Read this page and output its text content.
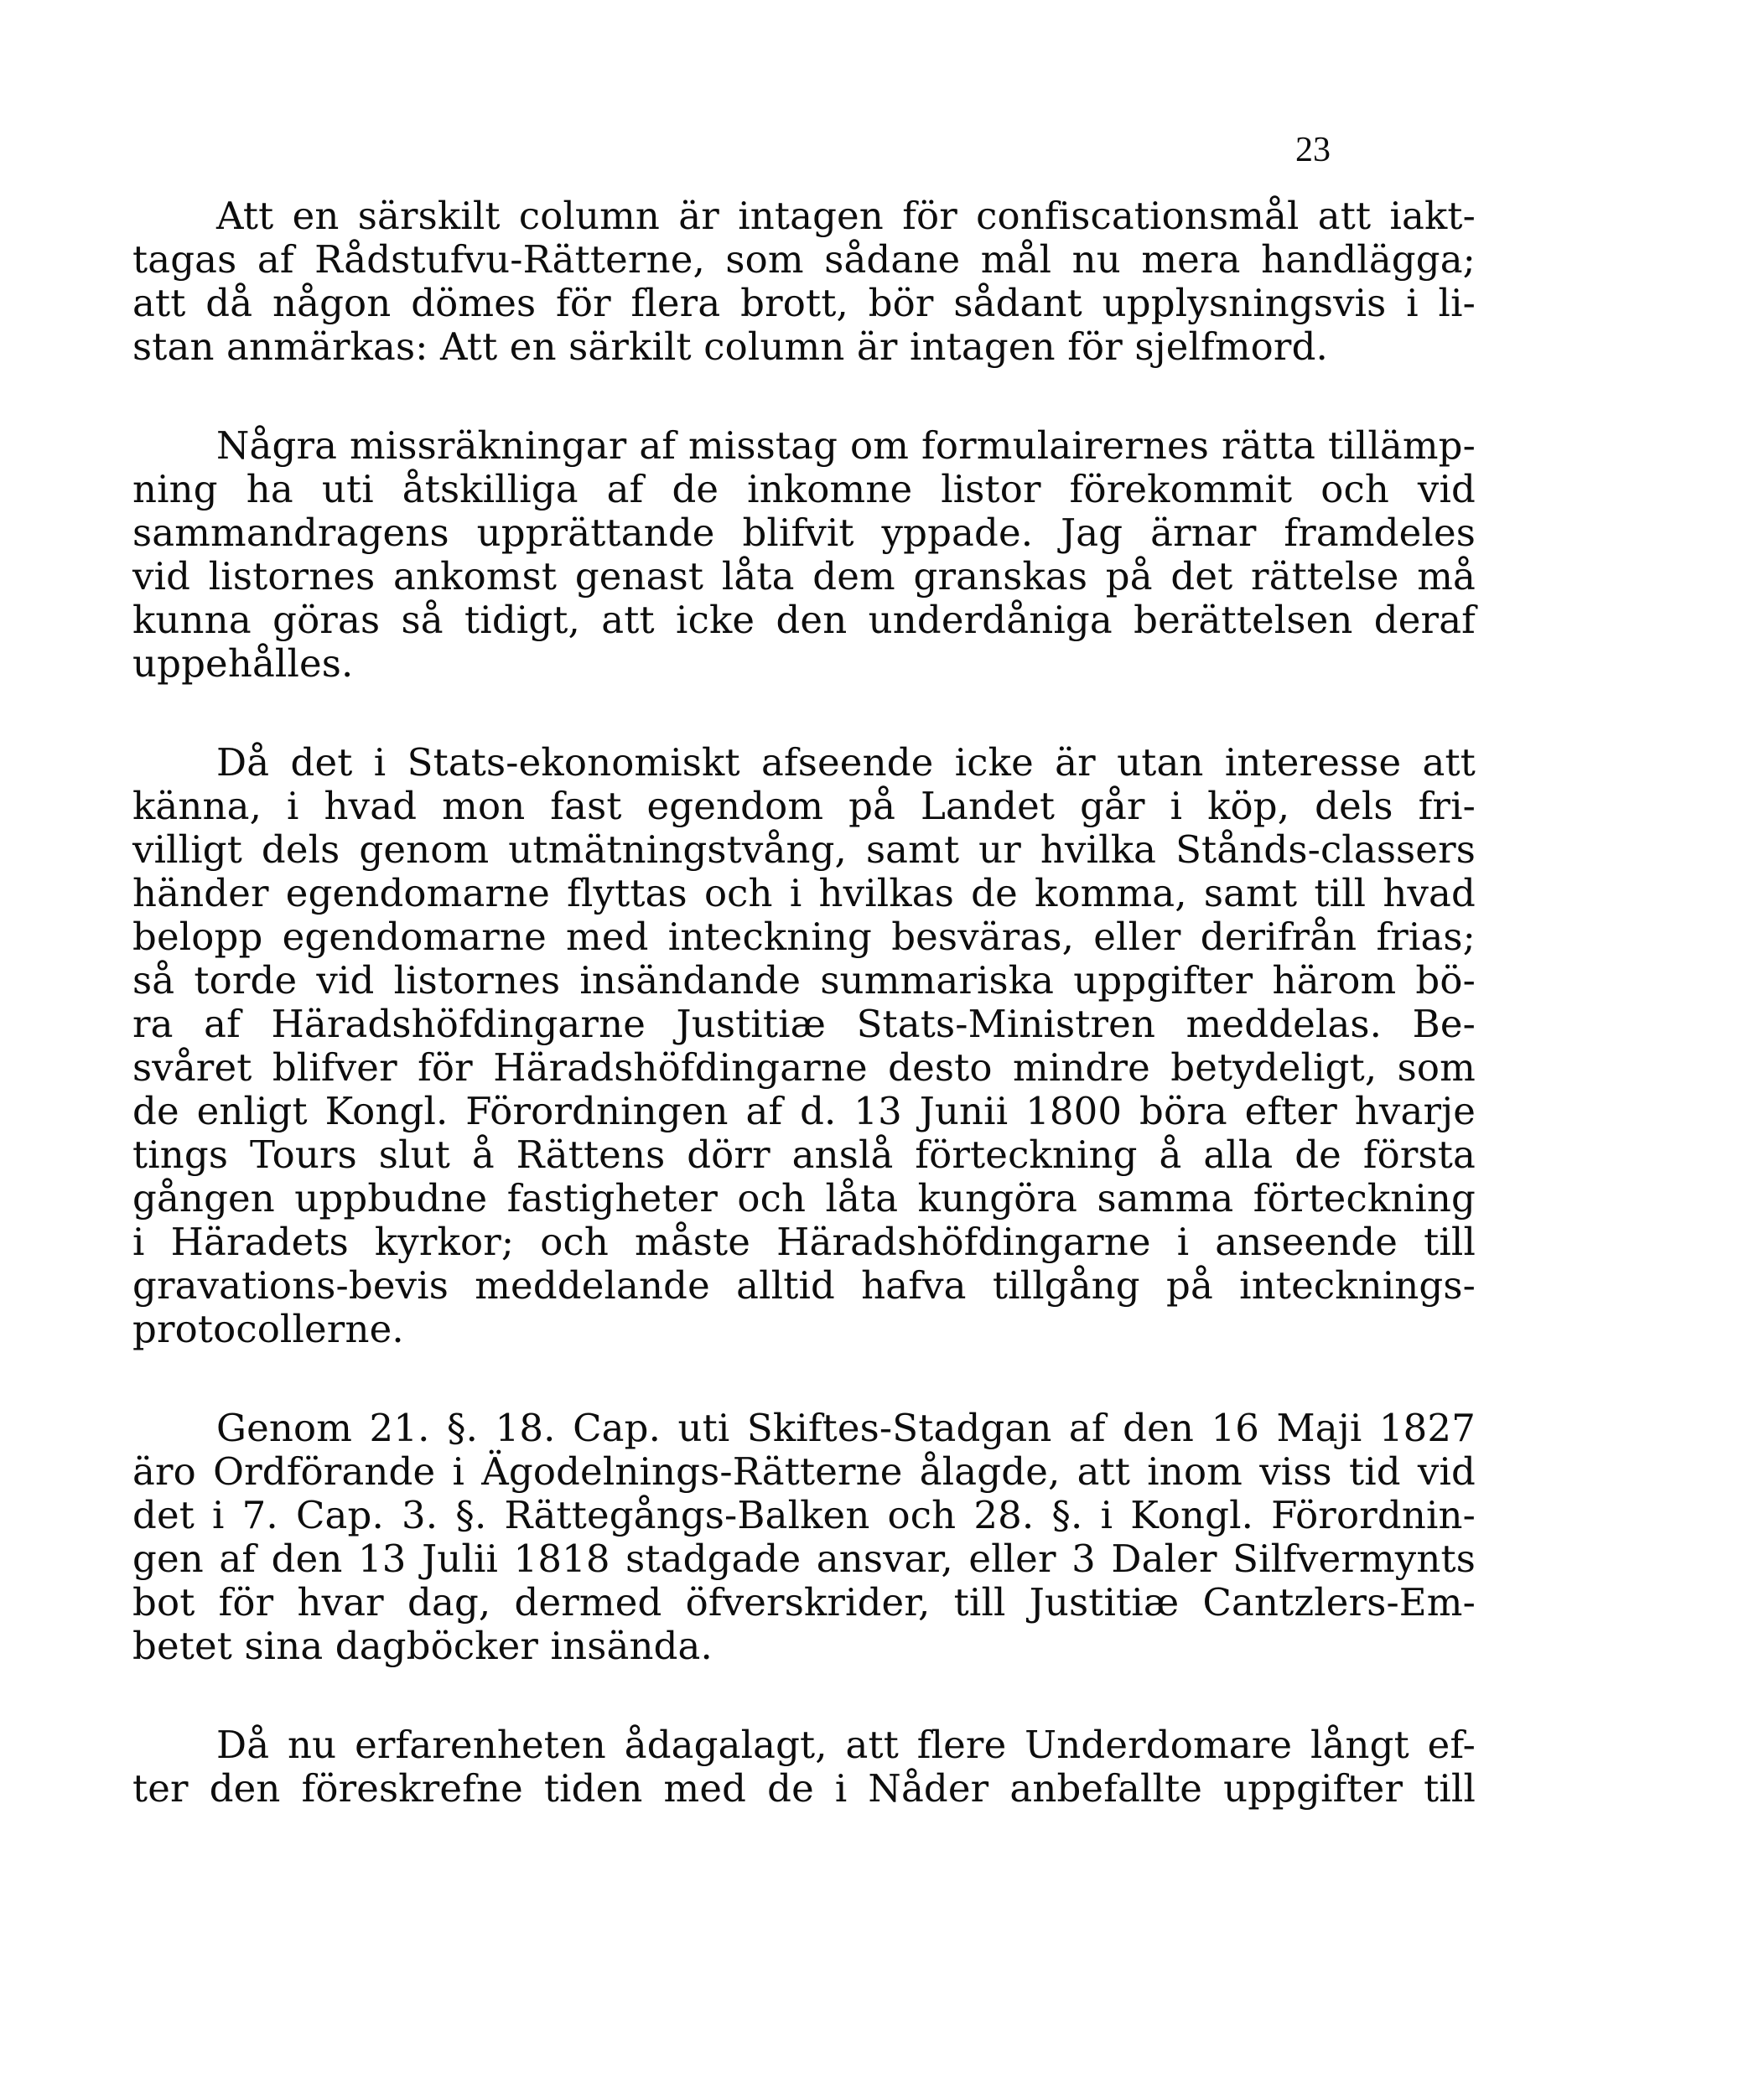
23

Att en särskilt column är intagen för confiscationsmål att iakt-
tagas af Rådstufvu-Rätterne, som sådane mål nu mera handlägga;
att då någon dömes för flera brott, bör sådant upplysningsvis i li-
stan anmärkas: Att en särkilt column är intagen för sjelfmord.

Några missräkningar af misstag om formulairernes rätta tillämp-
ning ha uti åtskilliga af de inkomne listor förekommit och vid
sammandragens upprättande blifvit yppade. Jag ärnar framdeles
vid listornes ankomst genast låta dem granskas på det rättelse må
kunna göras så tidigt, att icke den underdåniga berättelsen deraf
uppehålles.

Då det i Stats-ekonomiskt afseende icke är utan interesse att
känna, i hvad mon fast egendom på Landet går i köp, dels fri-
villigt dels genom utmätningstvång, samt ur hvilka Stånds-classers
händer egendomarne flyttas och i hvilkas de komma, samt till hvad
belopp egendomarne med inteckning besväras, eller derifrån frias;
så torde vid listornes insändande summariska uppgifter härom bö-
ra af Häradshöfdingarne Justitiæ Stats-Ministren meddelas. Be-
svåret blifver för Häradshöfdingarne desto mindre betydeligt, som
de enligt Kongl. Förordningen af d. 13 Junii 1800 böra efter hvarje
tings Tours slut å Rättens dörr anslå förteckning å alla de första
gången uppbudne fastigheter och låta kungöra samma förteckning
i Häradets kyrkor; och måste Häradshöfdingarne i anseende till
gravations-bevis meddelande alltid hafva tillgång på intecknings-
protocollerne.

Genom 21. §. 18. Cap. uti Skiftes-Stadgan af den 16 Maji 1827
äro Ordförande i Ägodelnings-Rätterne ålagde, att inom viss tid vid
det i 7. Cap. 3. §. Rättegångs-Balken och 28. §. i Kongl. Förordnin-
gen af den 13 Julii 1818 stadgade ansvar, eller 3 Daler Silfvermynts
bot för hvar dag, dermed öfverskrider, till Justitiæ Cantzlers-Em-
betet sina dagböcker insända.

Då nu erfarenheten ådagalagt, att flere Underdomare långt ef-
ter den föreskrefne tiden med de i Nåder anbefallte uppgifter till
